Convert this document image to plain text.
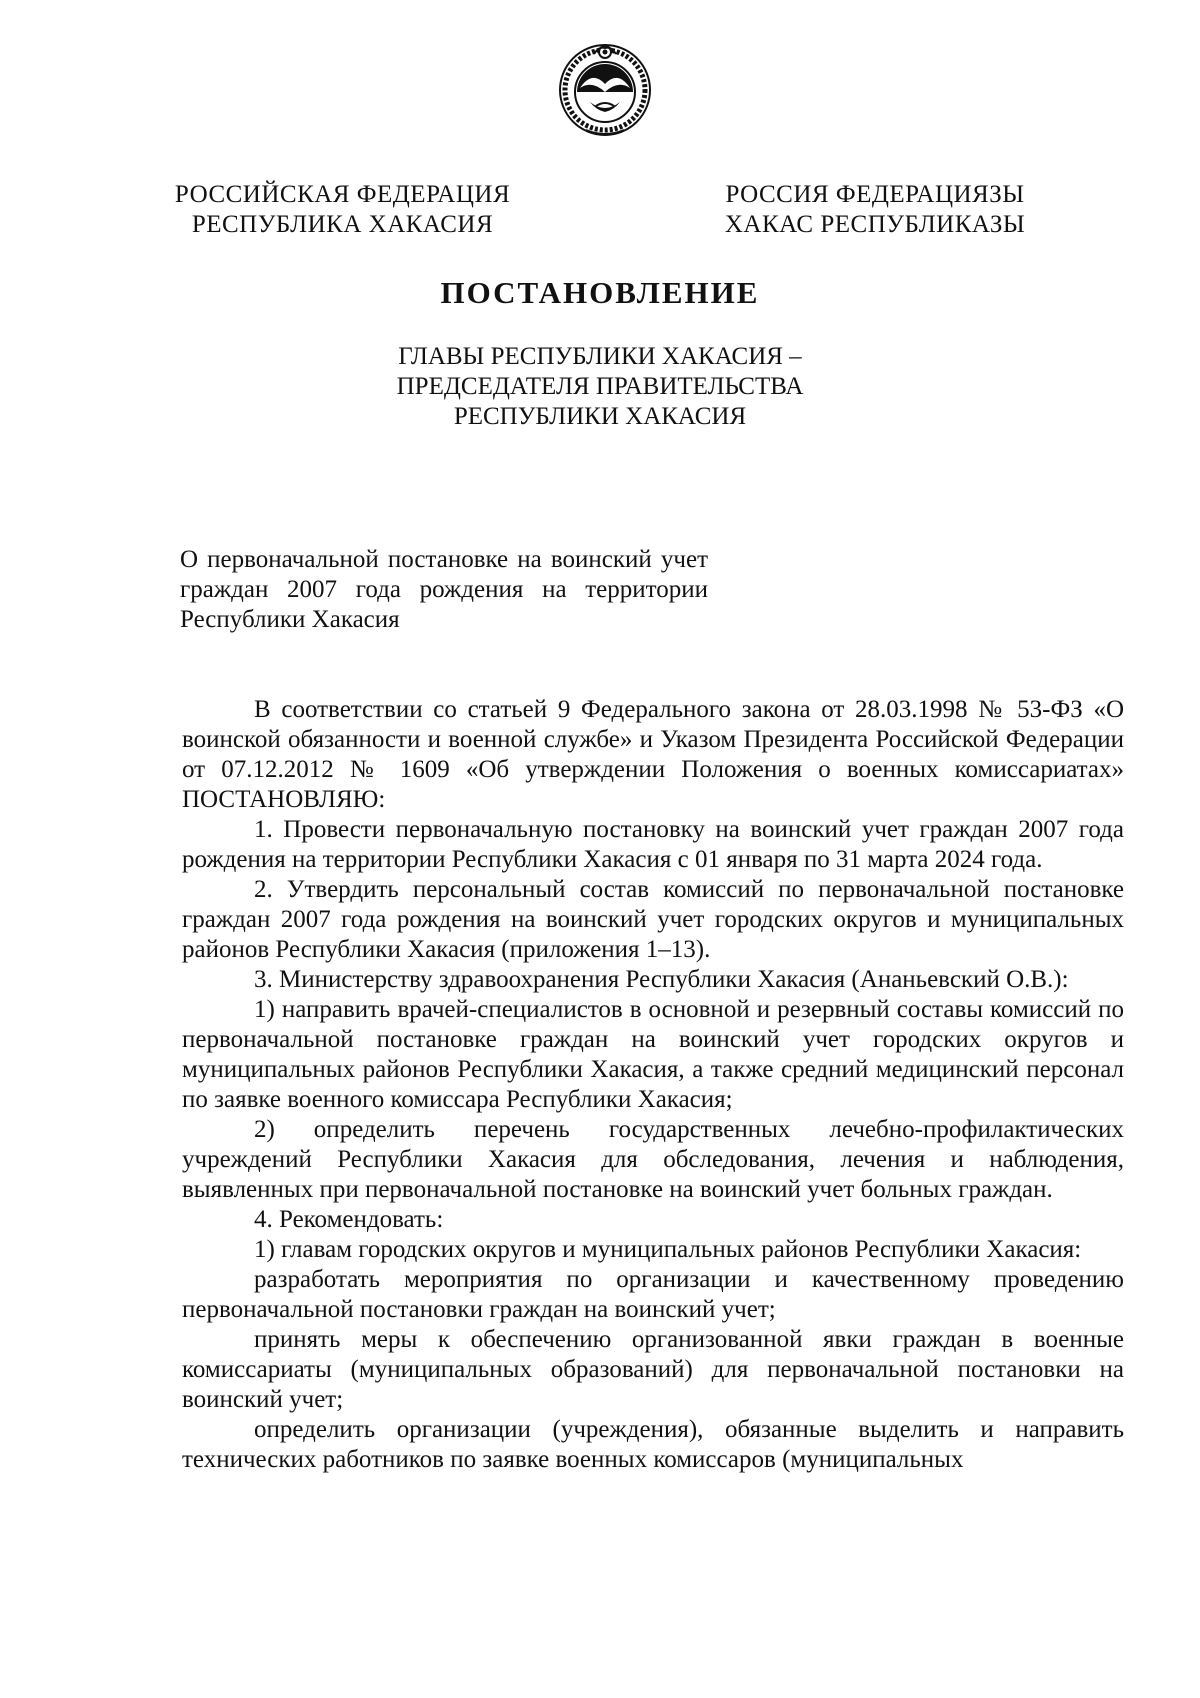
РОССИЙСКАЯ ФЕДЕРАЦИЯ
РЕСПУБЛИКА ХАКАСИЯ
РОССИЯ ФЕДЕРАЦИЯЗЫ
ХАКАС РЕСПУБЛИКАЗЫ
ПОСТАНОВЛЕНИЕ
ГЛАВЫ РЕСПУБЛИКИ ХАКАСИЯ –
ПРЕДСЕДАТЕЛЯ ПРАВИТЕЛЬСТВА
РЕСПУБЛИКИ ХАКАСИЯ
О первоначальной постановке на воинский учет граждан 2007 года рождения на территории Республики Хакасия

В соответствии со статьей 9 Федерального закона от 28.03.1998 № 53-ФЗ «О воинской обязанности и военной службе» и Указом Президента Российской Федерации от 07.12.2012 № 1609 «Об утверждении Положения о военных комиссариатах» ПОСТАНОВЛЯЮ:

1. Провести первоначальную постановку на воинский учет граждан 2007 года рождения на территории Республики Хакасия с 01 января по 31 марта 2024 года.

2. Утвердить персональный состав комиссий по первоначальной постановке граждан 2007 года рождения на воинский учет городских округов и муниципальных районов Республики Хакасия (приложения 1–13).

3. Министерству здравоохранения Республики Хакасия (Ананьевский О.В.):

1) направить врачей-специалистов в основной и резервный составы комиссий по первоначальной постановке граждан на воинский учет городских округов и муниципальных районов Республики Хакасия, а также средний медицинский персонал по заявке военного комиссара Республики Хакасия;

2) определить перечень государственных лечебно-профилактических учреждений Республики Хакасия для обследования, лечения и наблюдения, выявленных при первоначальной постановке на воинский учет больных граждан.

4. Рекомендовать:

1) главам городских округов и муниципальных районов Республики Хакасия:

разработать мероприятия по организации и качественному проведению первоначальной постановки граждан на воинский учет;

принять меры к обеспечению организованной явки граждан в военные комиссариаты (муниципальных образований) для первоначальной постановки на воинский учет;

определить организации (учреждения), обязанные выделить и направить технических работников по заявке военных комиссаров (муниципальных
